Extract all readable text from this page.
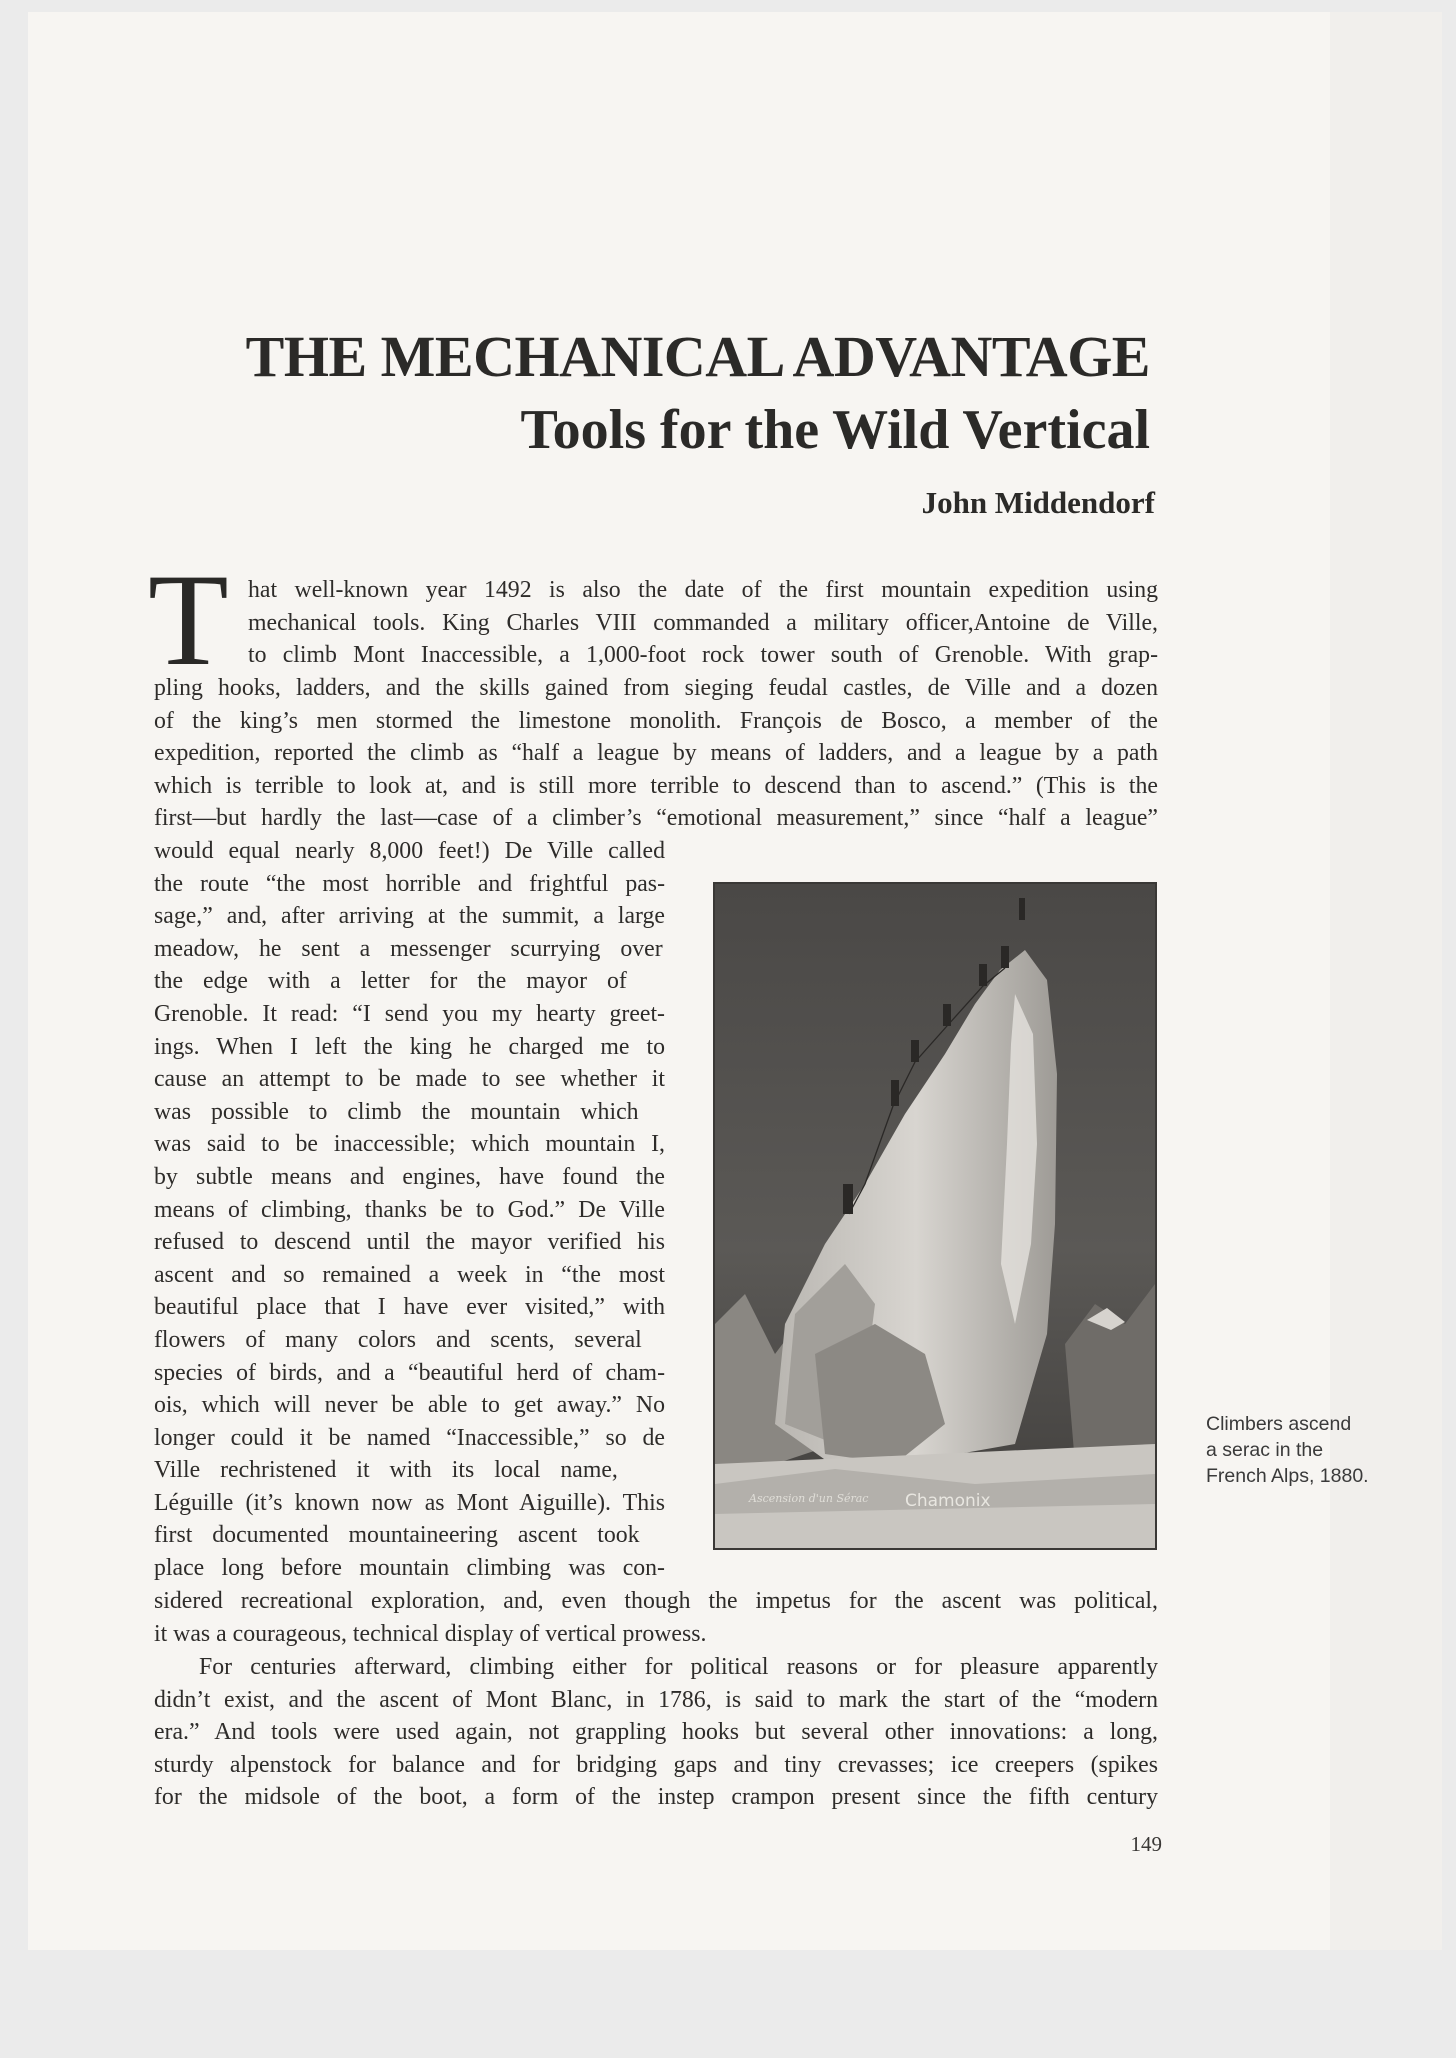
THE MECHANICAL ADVANTAGE
Tools for the Wild Vertical
John Middendorf
T hat well-known year 1492 is also the date of the first mountain expedition using
mechanical tools. King Charles VIII commanded a military officer,Antoine de Ville,
to climb Mont Inaccessible, a 1,000-foot rock tower south of Grenoble. With grap-
pling hooks, ladders, and the skills gained from sieging feudal castles, de Ville and a dozen
of the king’s men stormed the limestone monolith. François de Bosco, a member of the
expedition, reported the climb as “half a league by means of ladders, and a league by a path
which is terrible to look at, and is still more terrible to descend than to ascend.” (This is the
first—but hardly the last—case of a climber’s “emotional measurement,” since “half a league”
would equal nearly 8,000 feet!) De Ville called
the route “the most horrible and frightful pas-
sage,” and, after arriving at the summit, a large
meadow, he sent a messenger scurrying over
the edge with a letter for the mayor of
Grenoble. It read: “I send you my hearty greet-
ings. When I left the king he charged me to
cause an attempt to be made to see whether it
was possible to climb the mountain which
was said to be inaccessible; which mountain I,
by subtle means and engines, have found the
means of climbing, thanks be to God.” De Ville
refused to descend until the mayor verified his
ascent and so remained a week in “the most
beautiful place that I have ever visited,” with
flowers of many colors and scents, several
species of birds, and a “beautiful herd of cham-
ois, which will never be able to get away.” No
longer could it be named “Inaccessible,” so de
Ville rechristened it with its local name,
Léguille (it’s known now as Mont Aiguille). This
first documented mountaineering ascent took
place long before mountain climbing was con-
sidered recreational exploration, and, even though the impetus for the ascent was political,
it was a courageous, technical display of vertical prowess.
For centuries afterward, climbing either for political reasons or for pleasure apparently
didn’t exist, and the ascent of Mont Blanc, in 1786, is said to mark the start of the “modern
era.” And tools were used again, not grappling hooks but several other innovations: a long,
sturdy alpenstock for balance and for bridging gaps and tiny crevasses; ice creepers (spikes
for the midsole of the boot, a form of the instep crampon present since the fifth century
Ascension d'un Sérac Chamonix
Climbers ascend
a serac in the
French Alps, 1880.
149
